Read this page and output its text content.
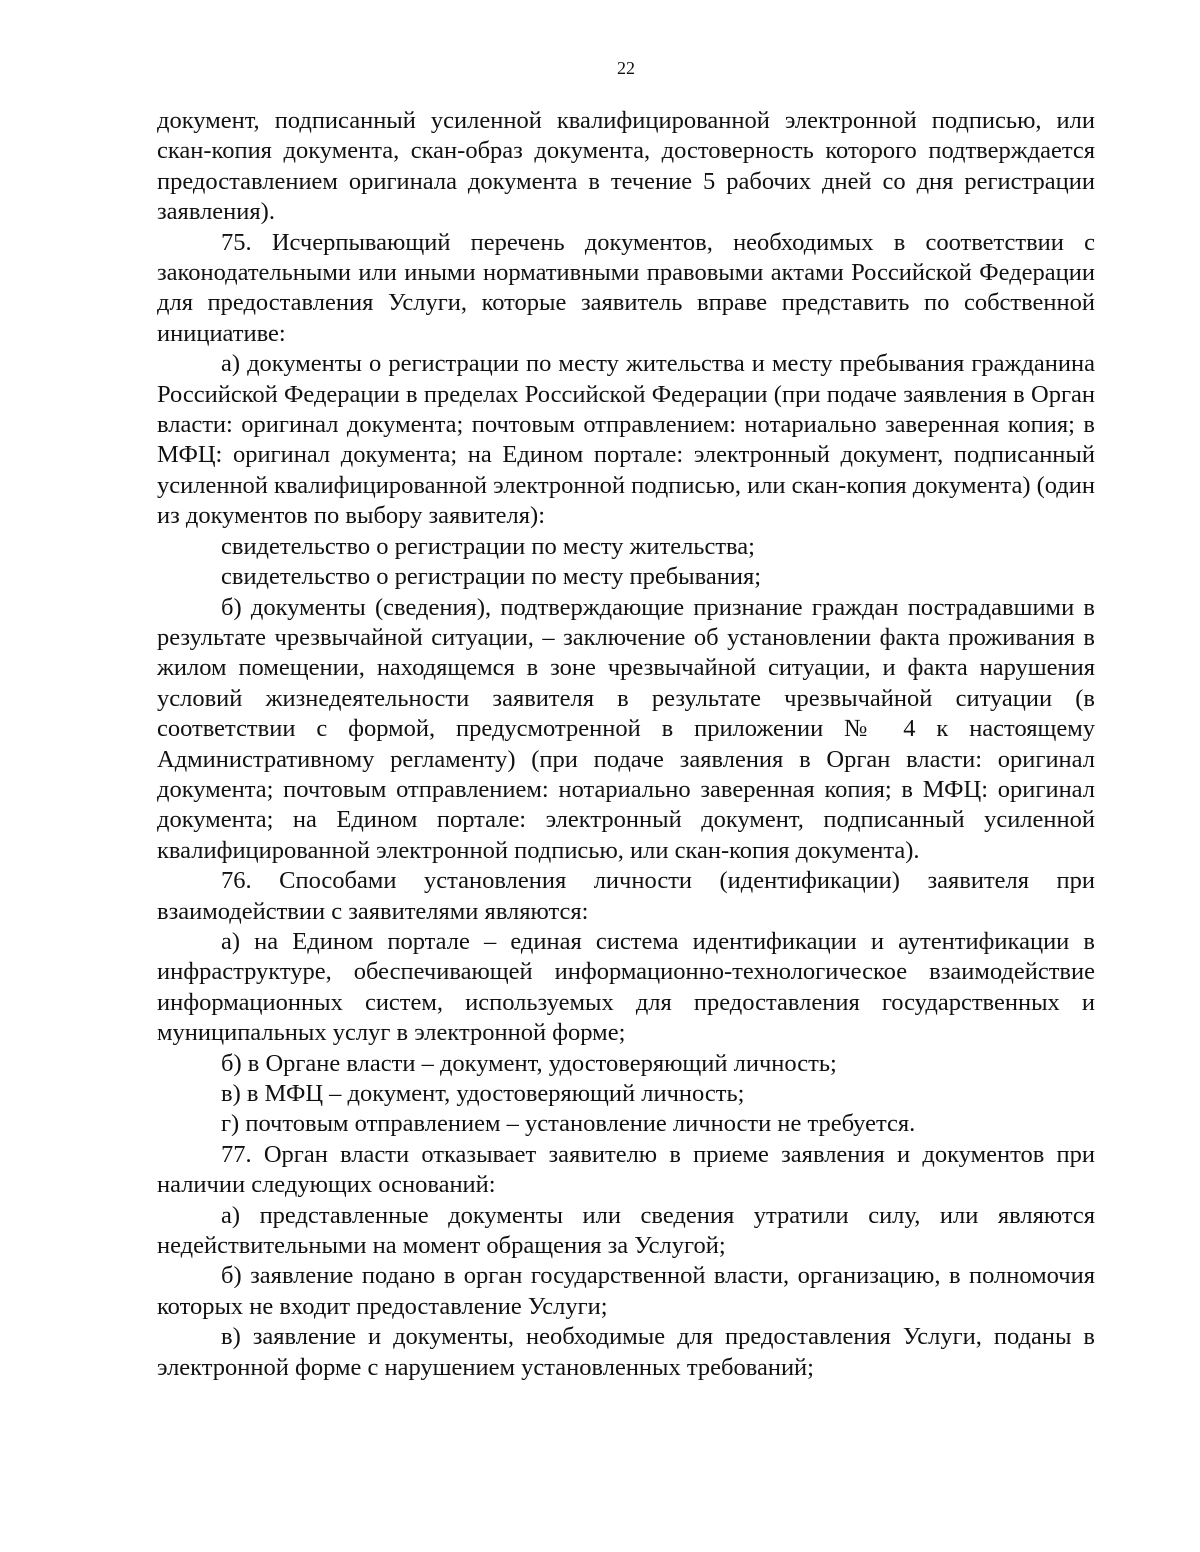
22

документ, подписанный усиленной квалифицированной электронной подписью, или скан-копия документа, скан-образ документа, достоверность которого подтверждается предоставлением оригинала документа в течение 5 рабочих дней со дня регистрации заявления).

75. Исчерпывающий перечень документов, необходимых в соответствии с законодательными или иными нормативными правовыми актами Российской Федерации для предоставления Услуги, которые заявитель вправе представить по собственной инициативе:

а) документы о регистрации по месту жительства и месту пребывания гражданина Российской Федерации в пределах Российской Федерации (при подаче заявления в Орган власти: оригинал документа; почтовым отправлением: нотариально заверенная копия; в МФЦ: оригинал документа; на Едином портале: электронный документ, подписанный усиленной квалифицированной электронной подписью, или скан-копия документа) (один из документов по выбору заявителя):

свидетельство о регистрации по месту жительства;

свидетельство о регистрации по месту пребывания;

б) документы (сведения), подтверждающие признание граждан пострадавшими в результате чрезвычайной ситуации, – заключение об установлении факта проживания в жилом помещении, находящемся в зоне чрезвычайной ситуации, и факта нарушения условий жизнедеятельности заявителя в результате чрезвычайной ситуации (в соответствии с формой, предусмотренной в приложении № 4 к настоящему Административному регламенту) (при подаче заявления в Орган власти: оригинал документа; почтовым отправлением: нотариально заверенная копия; в МФЦ: оригинал документа; на Едином портале: электронный документ, подписанный усиленной квалифицированной электронной подписью, или скан-копия документа).

76. Способами установления личности (идентификации) заявителя при взаимодействии с заявителями являются:

а) на Едином портале – единая система идентификации и аутентификации в инфраструктуре, обеспечивающей информационно-технологическое взаимодействие информационных систем, используемых для предоставления государственных и муниципальных услуг в электронной форме;

б) в Органе власти – документ, удостоверяющий личность;

в) в МФЦ – документ, удостоверяющий личность;

г) почтовым отправлением – установление личности не требуется.

77. Орган власти отказывает заявителю в приеме заявления и документов при наличии следующих оснований:

а) представленные документы или сведения утратили силу, или являются недействительными на момент обращения за Услугой;

б) заявление подано в орган государственной власти, организацию, в полномочия которых не входит предоставление Услуги;

в) заявление и документы, необходимые для предоставления Услуги, поданы в электронной форме с нарушением установленных требований;
